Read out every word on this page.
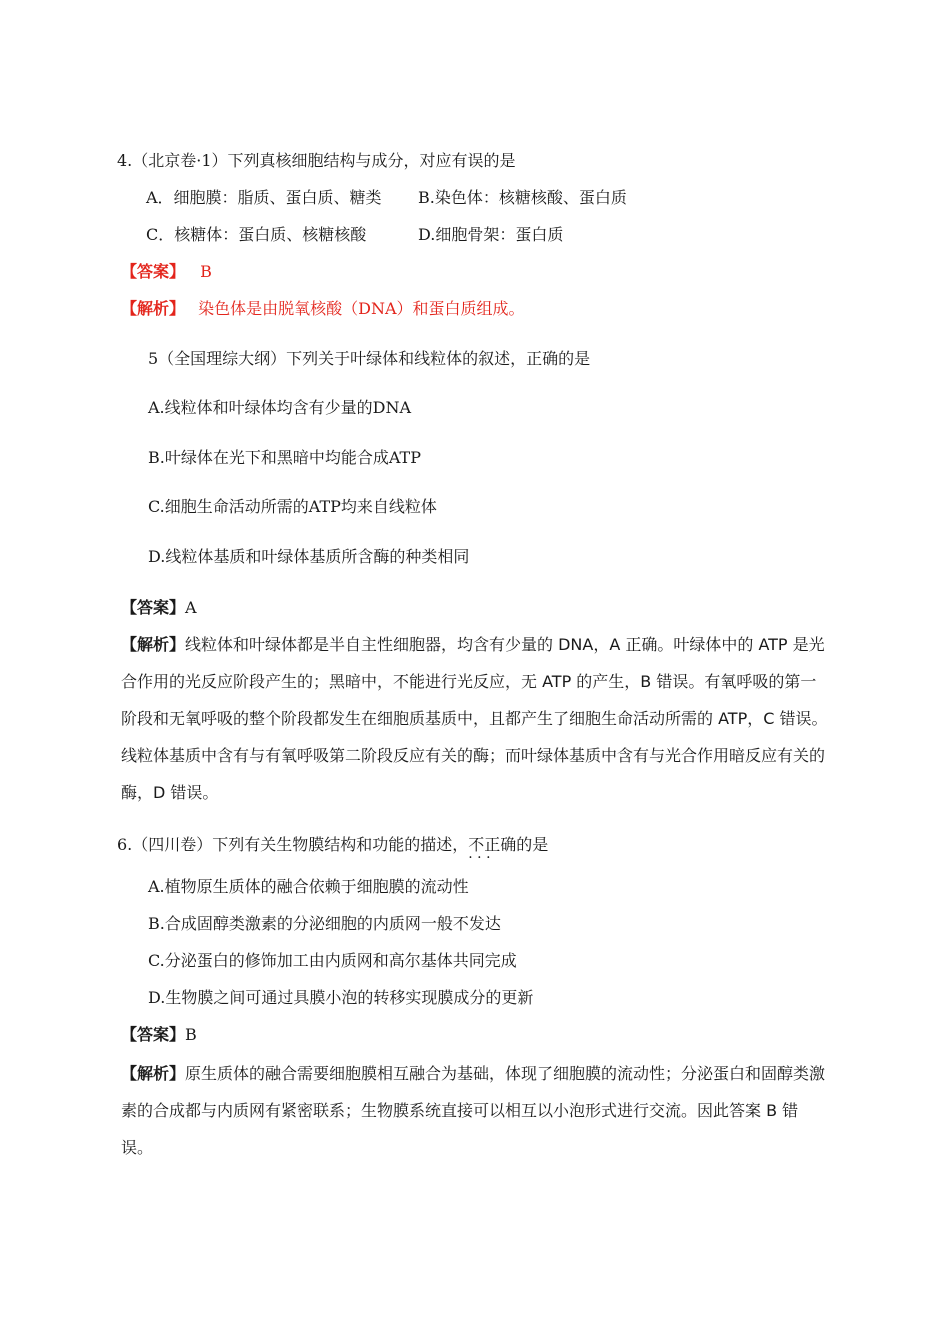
4.（北京卷·1）下列真核细胞结构与成分，对应有误的是
A．细胞膜：脂质、蛋白质、糖类 B.染色体：核糖核酸、蛋白质
C．核糖体：蛋白质、核糖核酸	D.细胞骨架：蛋白质
【答案】 B
【解析】 染色体是由脱氧核酸（DNA）和蛋白质组成。
5（全国理综大纲）下列关于叶绿体和线粒体的叙述，正确的是
A.线粒体和叶绿体均含有少量的DNA
B.叶绿体在光下和黑暗中均能合成ATP
C.细胞生命活动所需的ATP均来自线粒体
D.线粒体基质和叶绿体基质所含酶的种类相同
【答案】A
【解析】线粒体和叶绿体都是半自主性细胞器，均含有少量的 DNA，A 正确。叶绿体中的 ATP 是光合作用的光反应阶段产生的；黑暗中，不能进行光反应，无 ATP 的产生，B 错误。有氧呼吸的第一阶段和无氧呼吸的整个阶段都发生在细胞质基质中，且都产生了细胞生命活动所需的 ATP，C 错误。线粒体基质中含有与有氧呼吸第二阶段反应有关的酶；而叶绿体基质中含有与光合作用暗反应有关的酶，D 错误。
6.（四川卷）下列有关生物膜结构和功能的描述，不正确 · · ·的是
A.植物原生质体的融合依赖于细胞膜的流动性
B.合成固醇类激素的分泌细胞的内质网一般不发达
C.分泌蛋白的修饰加工由内质网和高尔基体共同完成
D.生物膜之间可通过具膜小泡的转移实现膜成分的更新
【答案】B
【解析】原生质体的融合需要细胞膜相互融合为基础，体现了细胞膜的流动性；分泌蛋白和固醇类激素的合成都与内质网有紧密联系；生物膜系统直接可以相互以小泡形式进行交流。因此答案 B 错误。
